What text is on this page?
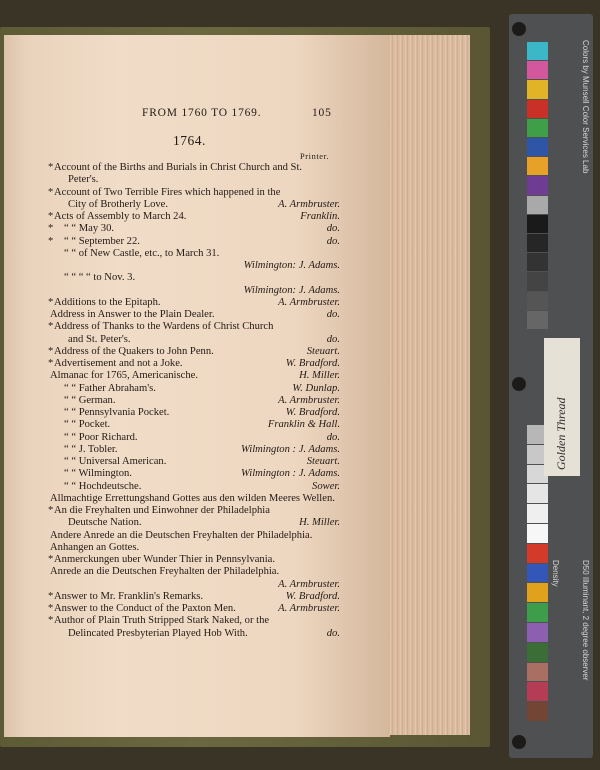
FROM 1760 TO 1769.	105
1764.
Printer.
* Account of the Births and Burials in Christ Church and St.
Peter's.
* Account of Two Terrible Fires which happened in the
City of Brotherly Love.	A. Armbruster.
* Acts of Assembly to March 24.	Franklin.
* “ “ May 30.	do.
* “ “ September 22.	do.
“ “ of New Castle, etc., to March 31.
Wilmington: J. Adams.
“ “ “ “ to Nov. 3.
Wilmington: J. Adams.
* Additions to the Epitaph.	A. Armbruster.
Address in Answer to the Plain Dealer.	do.
* Address of Thanks to the Wardens of Christ Church
and St. Peter's.	do.
* Address of the Quakers to John Penn.	Steuart.
* Advertisement and not a Joke.	W. Bradford.
Almanac for 1765, Americanische.	H. Miller.
“ “ Father Abraham's.	W. Dunlap.
“ “ German.	A. Armbruster.
“ “ Pennsylvania Pocket.	W. Bradford.
“ “ Pocket.	Franklin & Hall.
“ “ Poor Richard.	do.
“ “ J. Tobler.	Wilmington : J. Adams.
“ “ Universal American.	Steuart.
“ “ Wilmington.	Wilmington : J. Adams.
“ “ Hochdeutsche.	Sower.
Allmachtige Errettungshand Gottes aus den wilden Meeres Wellen.
* An die Freyhalten und Einwohner der Philadelphia
Deutsche Nation.	H. Miller.
Andere Anrede an die Deutschen Freyhalten der Philadelphia.
Anhangen an Gottes.
* Anmerckungen uber Wunder Thier in Pennsylvania.
Anrede an die Deutschen Freyhalten der Philadelphia.
A. Armbruster.
* Answer to Mr. Franklin's Remarks.	W. Bradford.
* Answer to the Conduct of the Paxton Men.	A. Armbruster.
* Author of Plain Truth Stripped Stark Naked, or the
Delincated Presbyterian Played Hob With.	do.
Golden Thread
Colors by Munsell Color Services Lab
D50 Illuminant, 2 degree observer
Density
